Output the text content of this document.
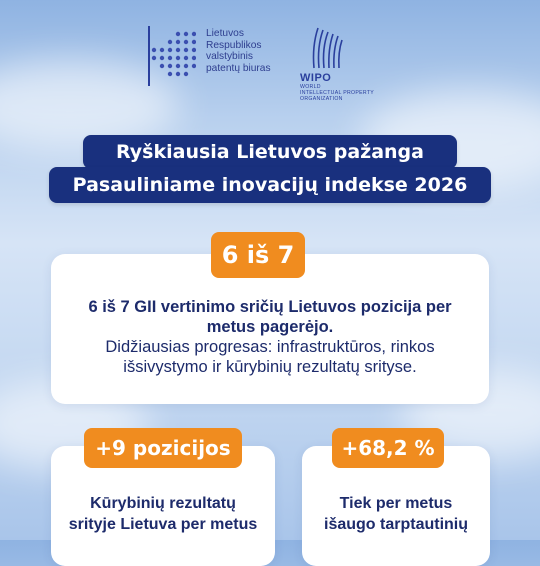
Lietuvos
Respublikos
valstybinis
patentų biuras
WIPO
WORLD
INTELLECTUAL PROPERTY
ORGANIZATION
Ryškiausia Lietuvos pažanga
Pasauliniame inovacijų indekse 2026
6 iš 7
6 iš 7 GII vertinimo sričių Lietuvos pozicija per
metus pagerėjo.
Didžiausias progresas: infrastruktūros, rinkos
išsivystymo ir kūrybinių rezultatų srityse.
+9 pozicijos
Kūrybinių rezultatų
srityje Lietuva per metus
+68,2 %
Tiek per metus
išaugo tarptautinių
